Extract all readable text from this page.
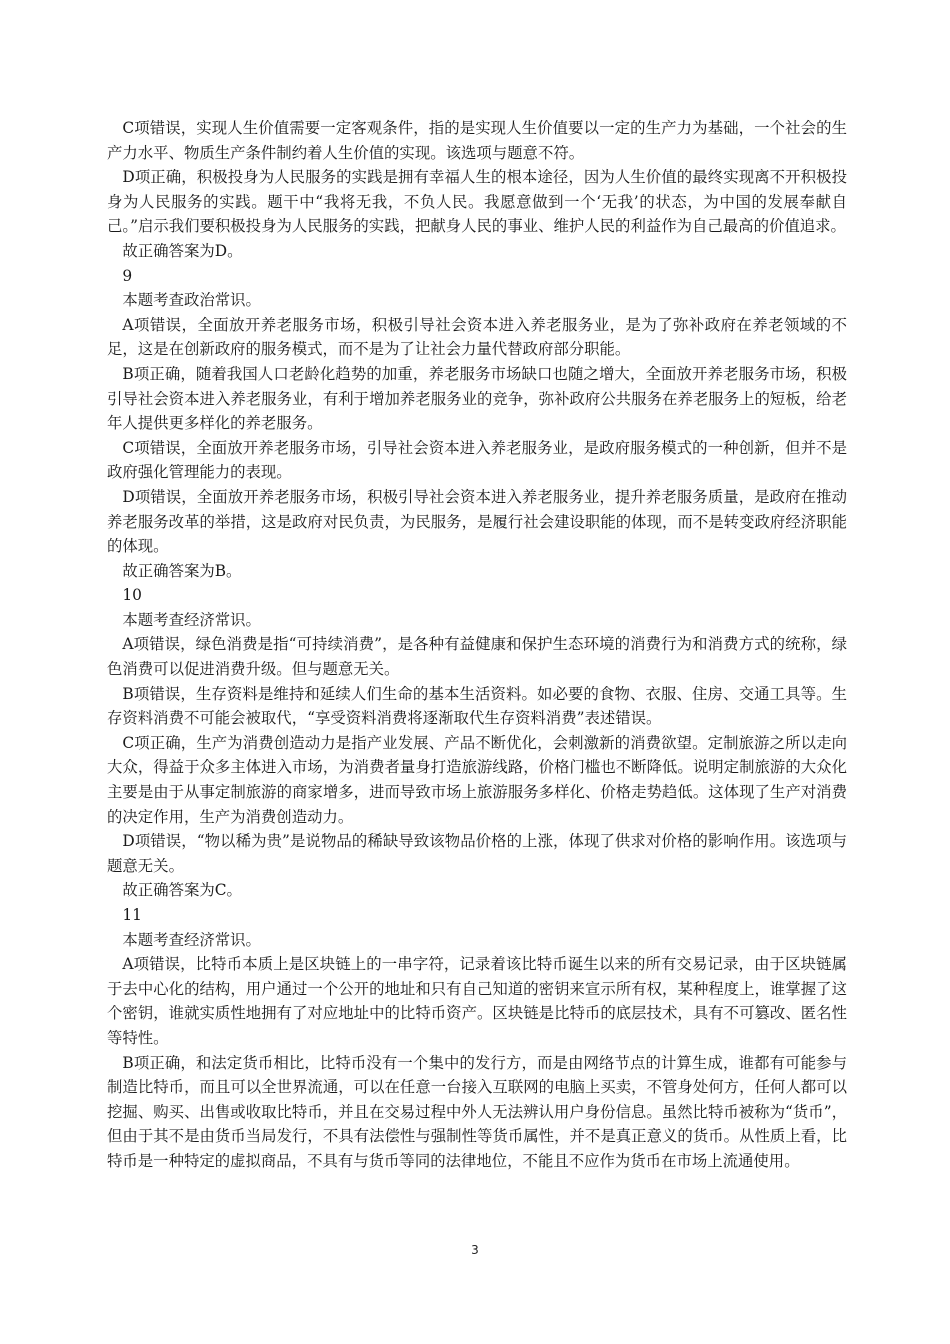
C项错误，实现人生价值需要一定客观条件，指的是实现人生价值要以一定的生产力为基础，一个社会的生产力水平、物质生产条件制约着人生价值的实现。该选项与题意不符。

D项正确，积极投身为人民服务的实践是拥有幸福人生的根本途径，因为人生价值的最终实现离不开积极投身为人民服务的实践。题干中“我将无我，不负人民。我愿意做到一个‘无我’的状态，为中国的发展奉献自己。”启示我们要积极投身为人民服务的实践，把献身人民的事业、维护人民的利益作为自己最高的价值追求。

故正确答案为D。

9

本题考查政治常识。

A项错误，全面放开养老服务市场，积极引导社会资本进入养老服务业，是为了弥补政府在养老领域的不足，这是在创新政府的服务模式，而不是为了让社会力量代替政府部分职能。

B项正确，随着我国人口老龄化趋势的加重，养老服务市场缺口也随之增大，全面放开养老服务市场，积极引导社会资本进入养老服务业，有利于增加养老服务业的竞争，弥补政府公共服务在养老服务上的短板，给老年人提供更多样化的养老服务。

C项错误，全面放开养老服务市场，引导社会资本进入养老服务业，是政府服务模式的一种创新，但并不是政府强化管理能力的表现。

D项错误，全面放开养老服务市场，积极引导社会资本进入养老服务业，提升养老服务质量，是政府在推动养老服务改革的举措，这是政府对民负责，为民服务，是履行社会建设职能的体现，而不是转变政府经济职能的体现。

故正确答案为B。

10

本题考查经济常识。

A项错误，绿色消费是指“可持续消费”，是各种有益健康和保护生态环境的消费行为和消费方式的统称，绿色消费可以促进消费升级。但与题意无关。

B项错误，生存资料是维持和延续人们生命的基本生活资料。如必要的食物、衣服、住房、交通工具等。生存资料消费不可能会被取代，“享受资料消费将逐渐取代生存资料消费”表述错误。

C项正确，生产为消费创造动力是指产业发展、产品不断优化，会刺激新的消费欲望。定制旅游之所以走向大众，得益于众多主体进入市场，为消费者量身打造旅游线路，价格门槛也不断降低。说明定制旅游的大众化主要是由于从事定制旅游的商家增多，进而导致市场上旅游服务多样化、价格走势趋低。这体现了生产对消费的决定作用，生产为消费创造动力。

D项错误，“物以稀为贵”是说物品的稀缺导致该物品价格的上涨，体现了供求对价格的影响作用。该选项与题意无关。

故正确答案为C。

11

本题考查经济常识。

A项错误，比特币本质上是区块链上的一串字符，记录着该比特币诞生以来的所有交易记录，由于区块链属于去中心化的结构，用户通过一个公开的地址和只有自己知道的密钥来宣示所有权，某种程度上，谁掌握了这个密钥，谁就实质性地拥有了对应地址中的比特币资产。区块链是比特币的底层技术，具有不可篡改、匿名性等特性。

B项正确，和法定货币相比，比特币没有一个集中的发行方，而是由网络节点的计算生成，谁都有可能参与制造比特币，而且可以全世界流通，可以在任意一台接入互联网的电脑上买卖，不管身处何方，任何人都可以挖掘、购买、出售或收取比特币，并且在交易过程中外人无法辨认用户身份信息。虽然比特币被称为“货币”，但由于其不是由货币当局发行，不具有法偿性与强制性等货币属性，并不是真正意义的货币。从性质上看，比特币是一种特定的虚拟商品，不具有与货币等同的法律地位，不能且不应作为货币在市场上流通使用。

3
